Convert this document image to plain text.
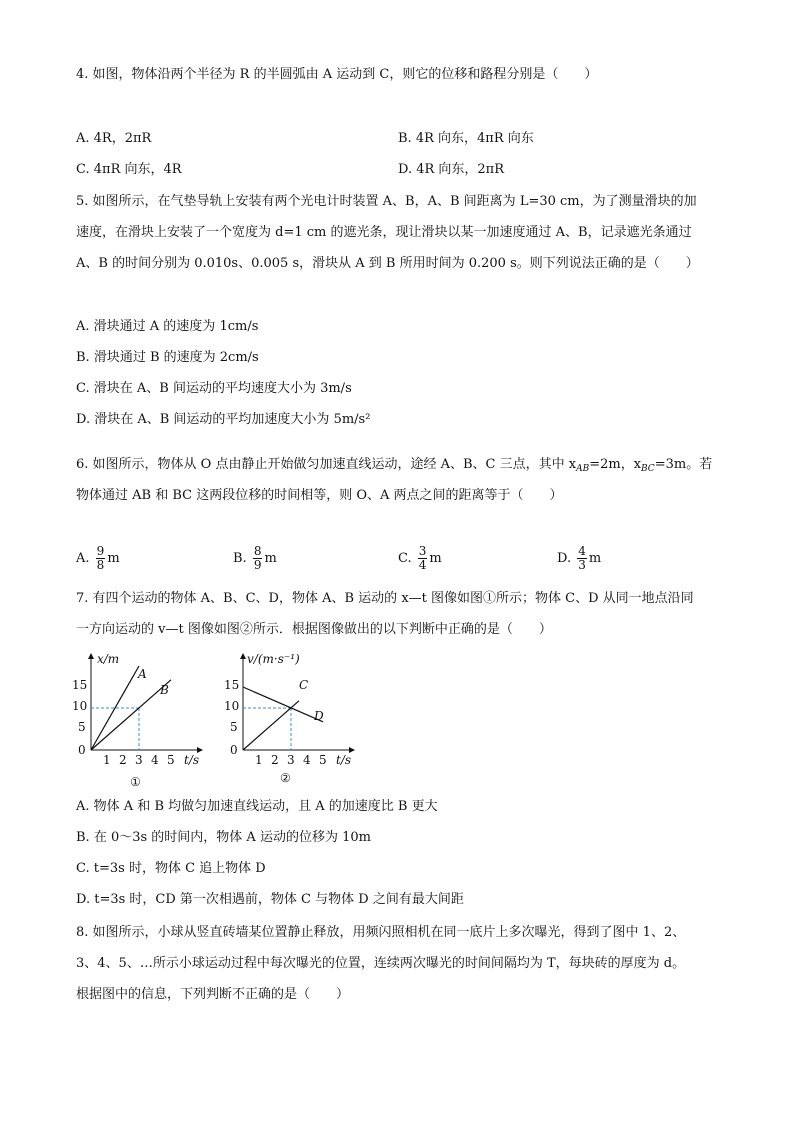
4. 如图，物体沿两个半径为 R 的半圆弧由 A 运动到 C，则它的位移和路程分别是（　　）
A. 4R，2πR	B. 4R 向东，4πR 向东
C. 4πR 向东，4R	D. 4R 向东，2πR
5. 如图所示，在气垫导轨上安装有两个光电计时装置 A、B，A、B 间距离为 L=30 cm，为了测量滑块的加
速度，在滑块上安装了一个宽度为 d=1 cm 的遮光条，现让滑块以某一加速度通过 A、B，记录遮光条通过
A、B 的时间分别为 0.010s、0.005 s，滑块从 A 到 B 所用时间为 0.200 s。则下列说法正确的是（　　）
A. 滑块通过 A 的速度为 1cm/s
B. 滑块通过 B 的速度为 2cm/s
C. 滑块在 A、B 间运动的平均速度大小为 3m/s
D. 滑块在 A、B 间运动的平均加速度大小为 5m/s²
6. 如图所示，物体从 O 点由静止开始做匀加速直线运动，途经 A、B、C 三点，其中 $x_{AB}=2m$，$x_{BC}=3m$。若
物体通过 AB 和 BC 这两段位移的时间相等，则 O、A 两点之间的距离等于（　　）
A. $\frac{9}{8}$ m	B. $\frac{8}{9}$ m	C. $\frac{3}{4}$ m	D. $\frac{4}{3}$ m
7. 有四个运动的物体 A、B、C、D，物体 A、B 运动的 x—t 图像如图①所示；物体 C、D 从同一地点沿同
一方向运动的 v—t 图像如图②所示．根据图像做出的以下判断中正确的是（　　）
x/m
t/s
15
10
5
0
1 2 3 4 5
A
B
①
v/(m·s⁻¹)
t/s
15
10
5
0
1 2 3 4 5
C
D
②
A. 物体 A 和 B 均做匀加速直线运动，且 A 的加速度比 B 更大
B. 在 0～3s 的时间内，物体 A 运动的位移为 10m
C. t=3s 时，物体 C 追上物体 D
D. t=3s 时，CD 第一次相遇前，物体 C 与物体 D 之间有最大间距
8. 如图所示，小球从竖直砖墙某位置静止释放，用频闪照相机在同一底片上多次曝光，得到了图中 1、2、
3、4、5、…所示小球运动过程中每次曝光的位置，连续两次曝光的时间间隔均为 T，每块砖的厚度为 d。
根据图中的信息，下列判断不正确的是（　　）
